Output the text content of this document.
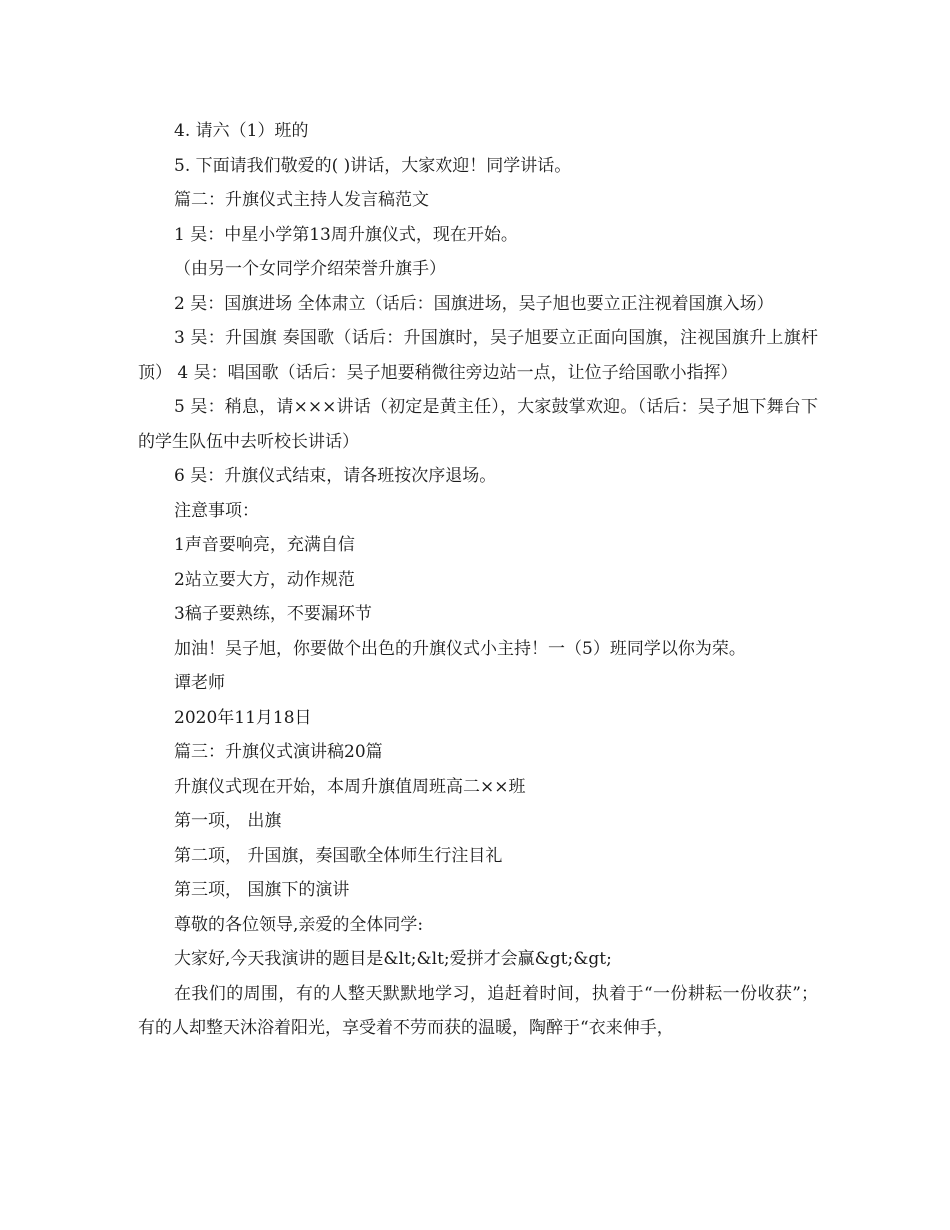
4. 请六（1）班的

5. 下面请我们敬爱的( )讲话，大家欢迎！同学讲话。

篇二：升旗仪式主持人发言稿范文

1 吴：中星小学第13周升旗仪式，现在开始。

（由另一个女同学介绍荣誉升旗手）

2 吴：国旗进场 全体肃立（话后：国旗进场，吴子旭也要立正注视着国旗入场）

3 吴：升国旗 奏国歌（话后：升国旗时，吴子旭要立正面向国旗，注视国旗升上旗杆顶） 4 吴：唱国歌（话后：吴子旭要稍微往旁边站一点，让位子给国歌小指挥）

5 吴：稍息，请×××讲话（初定是黄主任），大家鼓掌欢迎。（话后：吴子旭下舞台下的学生队伍中去听校长讲话）

6 吴：升旗仪式结束，请各班按次序退场。

注意事项：

1声音要响亮，充满自信

2站立要大方，动作规范

3稿子要熟练，不要漏环节

加油！吴子旭，你要做个出色的升旗仪式小主持！一（5）班同学以你为荣。

谭老师

2020年11月18日

篇三：升旗仪式演讲稿20篇

升旗仪式现在开始，本周升旗值周班高二××班

第一项， 出旗

第二项， 升国旗，奏国歌全体师生行注目礼

第三项， 国旗下的演讲

尊敬的各位领导,亲爱的全体同学:

大家好,今天我演讲的题目是&lt;&lt;爱拼才会赢&gt;&gt;

在我们的周围，有的人整天默默地学习，追赶着时间，执着于“一份耕耘一份收获”；有的人却整天沐浴着阳光，享受着不劳而获的温暖，陶醉于“衣来伸手，
